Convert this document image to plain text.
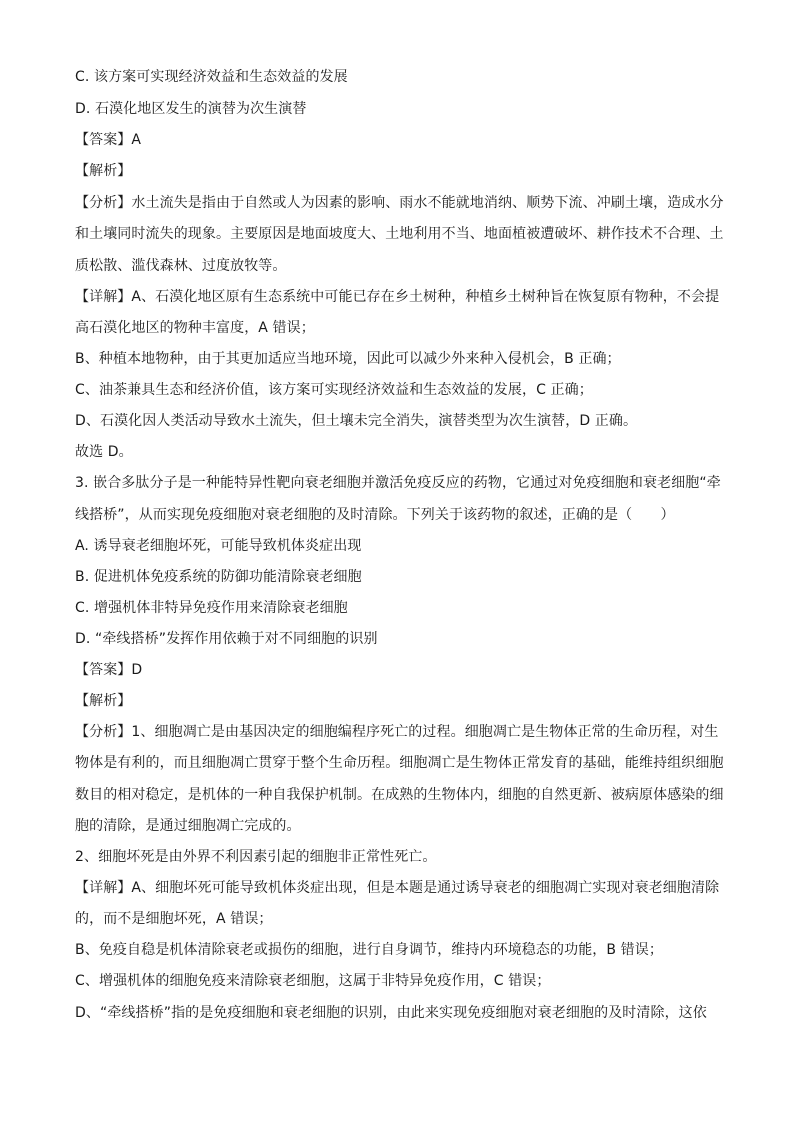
C. 该方案可实现经济效益和生态效益的发展
D. 石漠化地区发生的演替为次生演替
【答案】A
【解析】
【分析】水土流失是指由于自然或人为因素的影响、雨水不能就地消纳、顺势下流、冲刷土壤，造成水分
和土壤同时流失的现象。主要原因是地面坡度大、土地利用不当、地面植被遭破坏、耕作技术不合理、土
质松散、滥伐森林、过度放牧等。
【详解】A、石漠化地区原有生态系统中可能已存在乡土树种，种植乡土树种旨在恢复原有物种，不会提
高石漠化地区的物种丰富度，A 错误；
B、种植本地物种，由于其更加适应当地环境，因此可以减少外来种入侵机会，B 正确；
C、油茶兼具生态和经济价值，该方案可实现经济效益和生态效益的发展，C 正确；
D、石漠化因人类活动导致水土流失，但土壤未完全消失，演替类型为次生演替，D 正确。
故选 D。
3. 嵌合多肽分子是一种能特异性靶向衰老细胞并激活免疫反应的药物，它通过对免疫细胞和衰老细胞“牵
线搭桥”，从而实现免疫细胞对衰老细胞的及时清除。下列关于该药物的叙述，正确的是（　　）
A. 诱导衰老细胞坏死，可能导致机体炎症出现
B. 促进机体免疫系统的防御功能清除衰老细胞
C. 增强机体非特异免疫作用来清除衰老细胞
D. “牵线搭桥”发挥作用依赖于对不同细胞的识别
【答案】D
【解析】
【分析】1、细胞凋亡是由基因决定的细胞编程序死亡的过程。细胞凋亡是生物体正常的生命历程，对生
物体是有利的，而且细胞凋亡贯穿于整个生命历程。细胞凋亡是生物体正常发育的基础，能维持组织细胞
数目的相对稳定，是机体的一种自我保护机制。在成熟的生物体内，细胞的自然更新、被病原体感染的细
胞的清除，是通过细胞凋亡完成的。
2、细胞坏死是由外界不利因素引起的细胞非正常性死亡。
【详解】A、细胞坏死可能导致机体炎症出现，但是本题是通过诱导衰老的细胞凋亡实现对衰老细胞清除
的，而不是细胞坏死，A 错误；
B、免疫自稳是机体清除衰老或损伤的细胞，进行自身调节，维持内环境稳态的功能，B 错误；
C、增强机体的细胞免疫来清除衰老细胞，这属于非特异免疫作用，C 错误；
D、“牵线搭桥”指的是免疫细胞和衰老细胞的识别，由此来实现免疫细胞对衰老细胞的及时清除，这依
